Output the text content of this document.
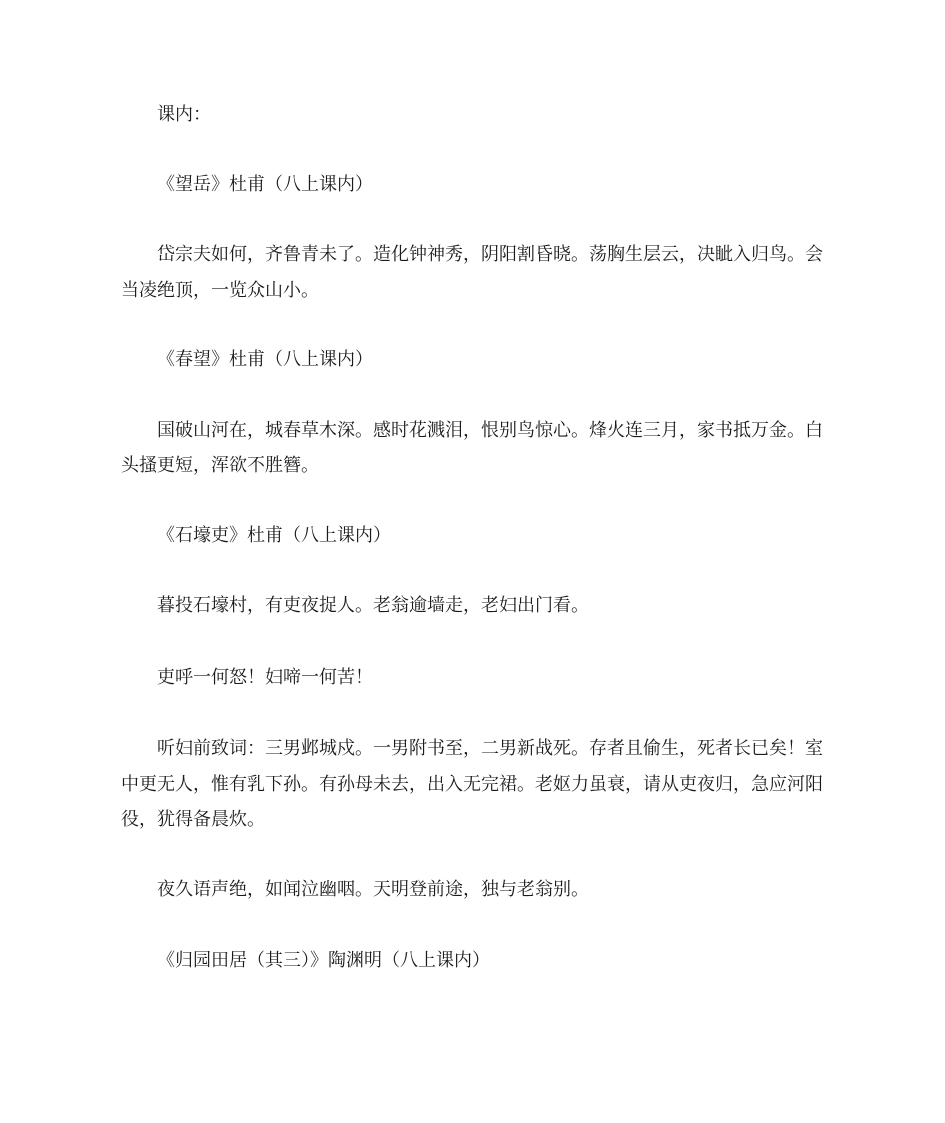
课内：

《望岳》杜甫（八上课内）

岱宗夫如何，齐鲁青未了。造化钟神秀，阴阳割昏晓。荡胸生层云，决眦入归鸟。会当凌绝顶，一览众山小。

《春望》杜甫（八上课内）

国破山河在，城春草木深。感时花溅泪，恨别鸟惊心。烽火连三月，家书抵万金。白头搔更短，浑欲不胜簪。

《石壕吏》杜甫（八上课内）

暮投石壕村，有吏夜捉人。老翁逾墙走，老妇出门看。

吏呼一何怒！妇啼一何苦！

听妇前致词：三男邺城戍。一男附书至，二男新战死。存者且偷生，死者长已矣！室中更无人，惟有乳下孙。有孙母未去，出入无完裙。老妪力虽衰，请从吏夜归，急应河阳役，犹得备晨炊。

夜久语声绝，如闻泣幽咽。天明登前途，独与老翁别。

《归园田居（其三）》陶渊明（八上课内）
